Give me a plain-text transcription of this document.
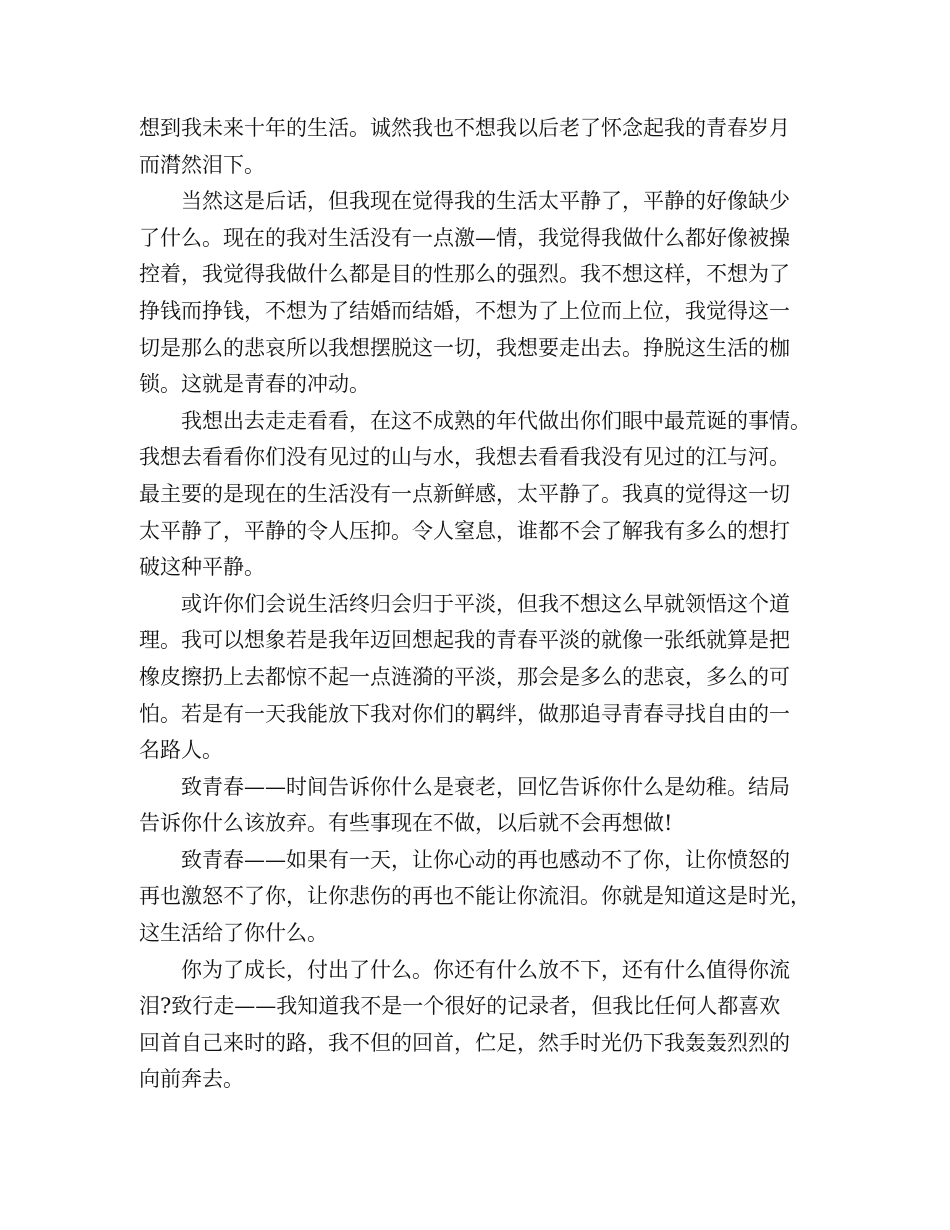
想到我未来十年的生活。诚然我也不想我以后老了怀念起我的青春岁月
而潸然泪下。
当然这是后话，但我现在觉得我的生活太平静了，平静的好像缺少
了什么。现在的我对生活没有一点激—情，我觉得我做什么都好像被操
控着，我觉得我做什么都是目的性那么的强烈。我不想这样，不想为了
挣钱而挣钱，不想为了结婚而结婚，不想为了上位而上位，我觉得这一
切是那么的悲哀所以我想摆脱这一切，我想要走出去。挣脱这生活的枷
锁。这就是青春的冲动。
我想出去走走看看，在这不成熟的年代做出你们眼中最荒诞的事情。
我想去看看你们没有见过的山与水，我想去看看我没有见过的江与河。
最主要的是现在的生活没有一点新鲜感，太平静了。我真的觉得这一切
太平静了，平静的令人压抑。令人窒息，谁都不会了解我有多么的想打
破这种平静。
或许你们会说生活终归会归于平淡，但我不想这么早就领悟这个道
理。我可以想象若是我年迈回想起我的青春平淡的就像一张纸就算是把
橡皮擦扔上去都惊不起一点涟漪的平淡，那会是多么的悲哀，多么的可
怕。若是有一天我能放下我对你们的羁绊，做那追寻青春寻找自由的一
名路人。
致青春——时间告诉你什么是衰老，回忆告诉你什么是幼稚。结局
告诉你什么该放弃。有些事现在不做，以后就不会再想做!
致青春——如果有一天，让你心动的再也感动不了你，让你愤怒的
再也激怒不了你，让你悲伤的再也不能让你流泪。你就是知道这是时光，
这生活给了你什么。
你为了成长，付出了什么。你还有什么放不下，还有什么值得你流
泪?致行走——我知道我不是一个很好的记录者，但我比任何人都喜欢
回首自己来时的路，我不但的回首，伫足，然手时光仍下我轰轰烈烈的
向前奔去。
